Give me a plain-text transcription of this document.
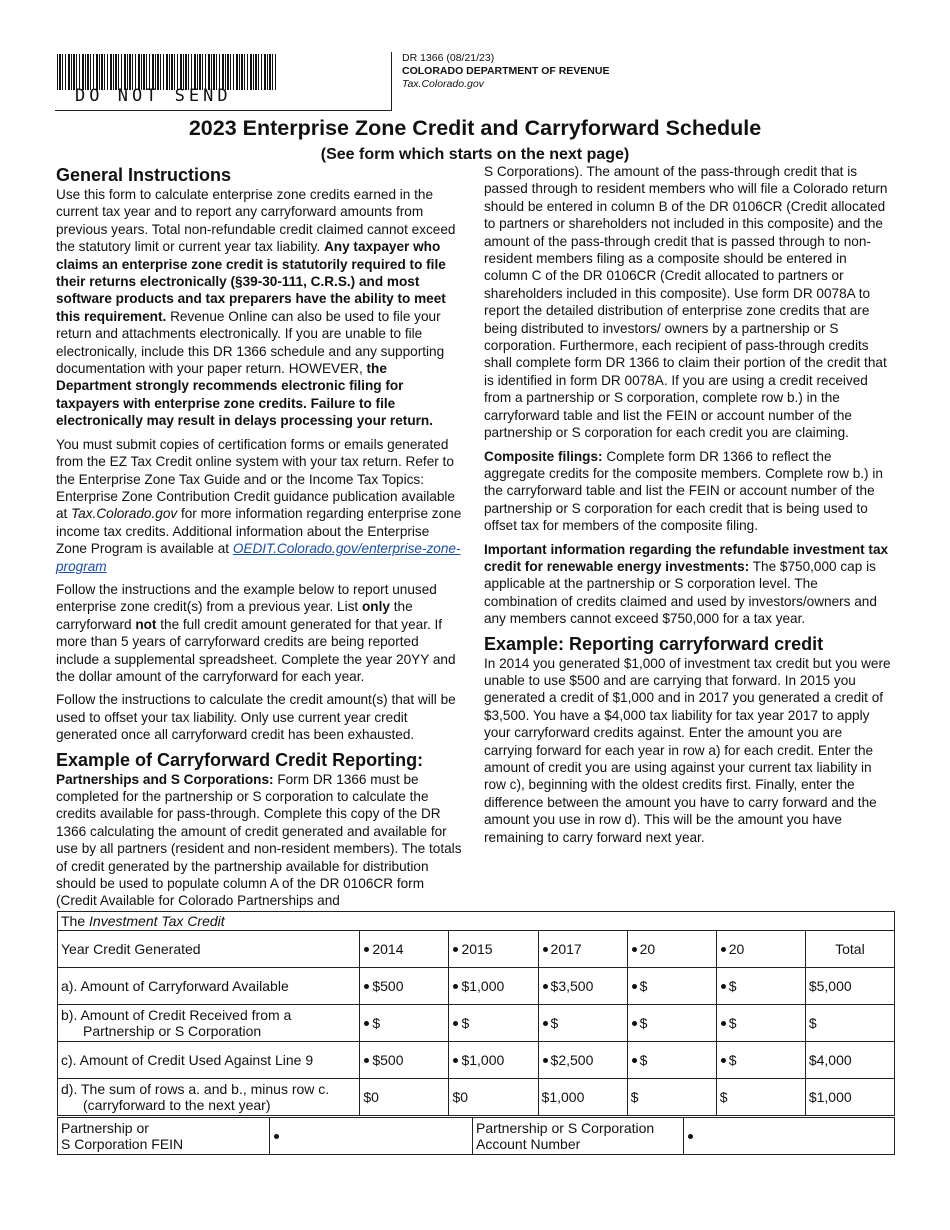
DO NOT SEND
DR 1366 (08/21/23)
COLORADO DEPARTMENT OF REVENUE
Tax.Colorado.gov
2023 Enterprise Zone Credit and Carryforward Schedule
(See form which starts on the next page)
General Instructions

Use this form to calculate enterprise zone credits earned in the current tax year and to report any carryforward amounts from previous years. Total non-refundable credit claimed cannot exceed the statutory limit or current year tax liability. Any taxpayer who claims an enterprise zone credit is statutorily required to file their returns electronically (§39-30-111, C.R.S.) and most software products and tax preparers have the ability to meet this requirement. Revenue Online can also be used to file your return and attachments electronically. If you are unable to file electronically, include this DR 1366 schedule and any supporting documentation with your paper return. HOWEVER, the Department strongly recommends electronic filing for taxpayers with enterprise zone credits. Failure to file electronically may result in delays processing your return.

You must submit copies of certification forms or emails generated from the EZ Tax Credit online system with your tax return. Refer to the Enterprise Zone Tax Guide and or the Income Tax Topics: Enterprise Zone Contribution Credit guidance publication available at Tax.Colorado.gov for more information regarding enterprise zone income tax credits. Additional information about the Enterprise Zone Program is available at OEDIT.Colorado.gov/enterprise-zone-program

Follow the instructions and the example below to report unused enterprise zone credit(s) from a previous year. List only the carryforward not the full credit amount generated for that year. If more than 5 years of carryforward credits are being reported include a supplemental spreadsheet. Complete the year 20YY and the dollar amount of the carryforward for each year.

Follow the instructions to calculate the credit amount(s) that will be used to offset your tax liability. Only use current year credit generated once all carryforward credit has been exhausted.

Example of Carryforward Credit Reporting:

Partnerships and S Corporations: Form DR 1366 must be completed for the partnership or S corporation to calculate the credits available for pass-through. Complete this copy of the DR 1366 calculating the amount of credit generated and available for use by all partners (resident and non-resident members). The totals of credit generated by the partnership available for distribution should be used to populate column A of the DR 0106CR form (Credit Available for Colorado Partnerships and

S Corporations). The amount of the pass-through credit that is passed through to resident members who will file a Colorado return should be entered in column B of the DR 0106CR (Credit allocated to partners or shareholders not included in this composite) and the amount of the pass-through credit that is passed through to non-resident members filing as a composite should be entered in column C of the DR 0106CR (Credit allocated to partners or shareholders included in this composite). Use form DR 0078A to report the detailed distribution of enterprise zone credits that are being distributed to investors/ owners by a partnership or S corporation. Furthermore, each recipient of pass-through credits shall complete form DR 1366 to claim their portion of the credit that is identified in form DR 0078A. If you are using a credit received from a partnership or S corporation, complete row b.) in the carryforward table and list the FEIN or account number of the partnership or S corporation for each credit you are claiming.

Composite filings: Complete form DR 1366 to reflect the aggregate credits for the composite members. Complete row b.) in the carryforward table and list the FEIN or account number of the partnership or S corporation for each credit that is being used to offset tax for members of the composite filing.

Important information regarding the refundable investment tax credit for renewable energy investments: The $750,000 cap is applicable at the partnership or S corporation level. The combination of credits claimed and used by investors/owners and any members cannot exceed $750,000 for a tax year.

Example: Reporting carryforward credit

In 2014 you generated $1,000 of investment tax credit but you were unable to use $500 and are carrying that forward. In 2015 you generated a credit of $1,000 and in 2017 you generated a credit of $3,500. You have a $4,000 tax liability for tax year 2017 to apply your carryforward credits against. Enter the amount you are carrying forward for each year in row a) for each credit. Enter the amount of credit you are using against your current tax liability in row c), beginning with the oldest credits first. Finally, enter the difference between the amount you have to carry forward and the amount you use in row d). This will be the amount you have remaining to carry forward next year.

The Investment Tax Credit						
Year Credit Generated	2014	2015	2017	20	20	Total
a). Amount of Carryforward Available	$500	$1,000	$3,500	$	$	$5,000
b). Amount of Credit Received from a
Partnership or S Corporation	$	$	$	$	$	$
c). Amount of Credit Used Against Line 9	$500	$1,000	$2,500	$	$	$4,000
d). The sum of rows a. and b., minus row c.
(carryforward to the next year)	$0	$0	$1,000	$	$	$1,000
Partnership or
S Corporation FEIN		Partnership or S Corporation
Account Number	
